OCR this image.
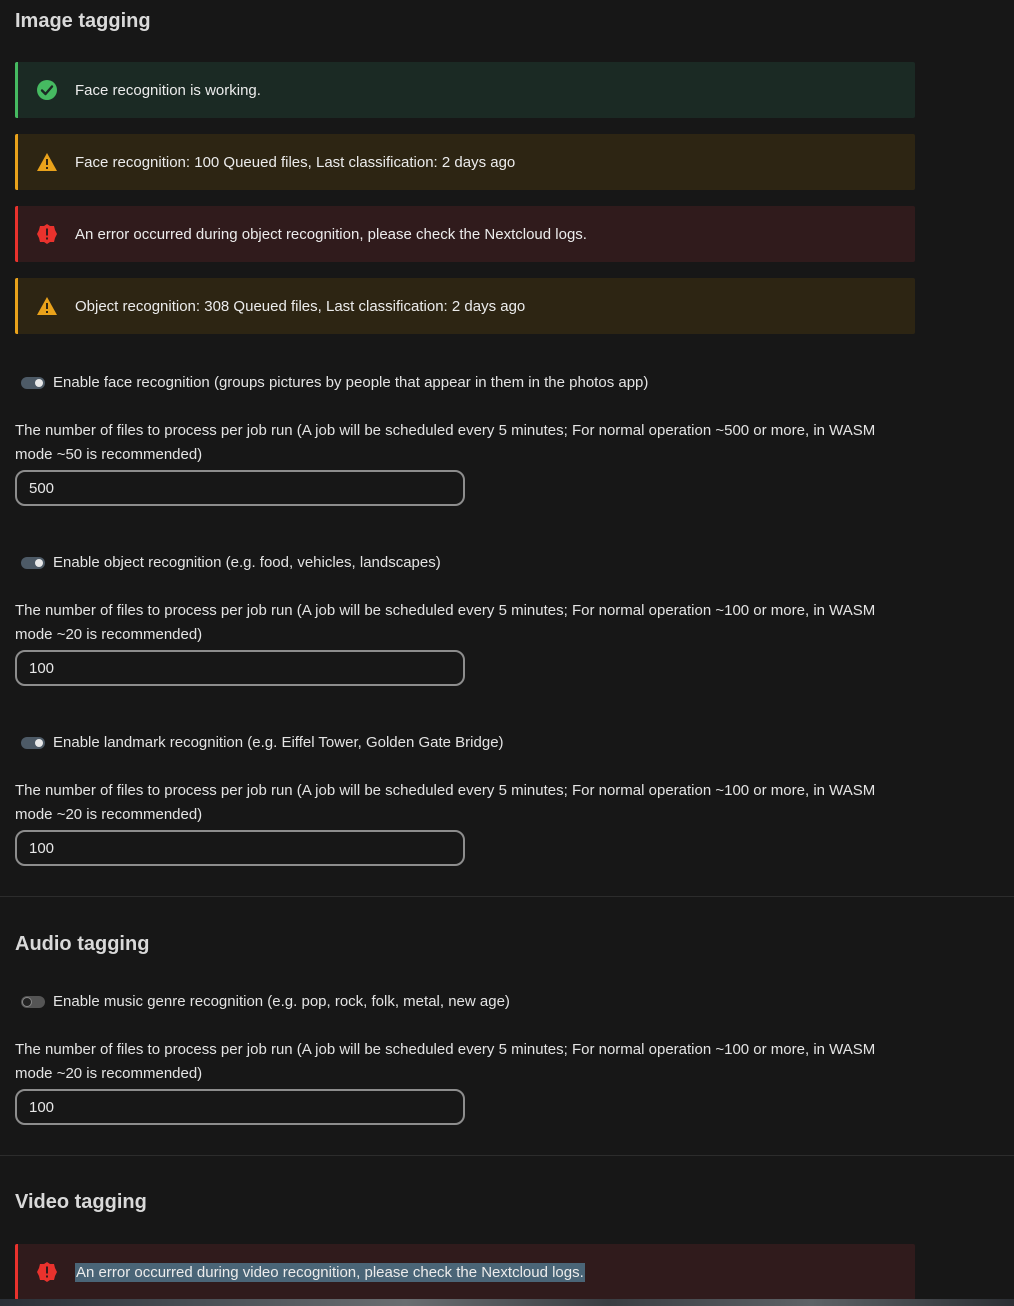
Image tagging
Face recognition is working.
Face recognition: 100 Queued files, Last classification: 2 days ago
An error occurred during object recognition, please check the Nextcloud logs.
Object recognition: 308 Queued files, Last classification: 2 days ago
Enable face recognition (groups pictures by people that appear in them in the photos app)
The number of files to process per job run (A job will be scheduled every 5 minutes; For normal operation ~500 or more, in WASM mode ~50 is recommended)
500
Enable object recognition (e.g. food, vehicles, landscapes)
The number of files to process per job run (A job will be scheduled every 5 minutes; For normal operation ~100 or more, in WASM mode ~20 is recommended)
100
Enable landmark recognition (e.g. Eiffel Tower, Golden Gate Bridge)
The number of files to process per job run (A job will be scheduled every 5 minutes; For normal operation ~100 or more, in WASM mode ~20 is recommended)
100
Audio tagging
Enable music genre recognition (e.g. pop, rock, folk, metal, new age)
The number of files to process per job run (A job will be scheduled every 5 minutes; For normal operation ~100 or more, in WASM mode ~20 is recommended)
100
Video tagging
An error occurred during video recognition, please check the Nextcloud logs.
